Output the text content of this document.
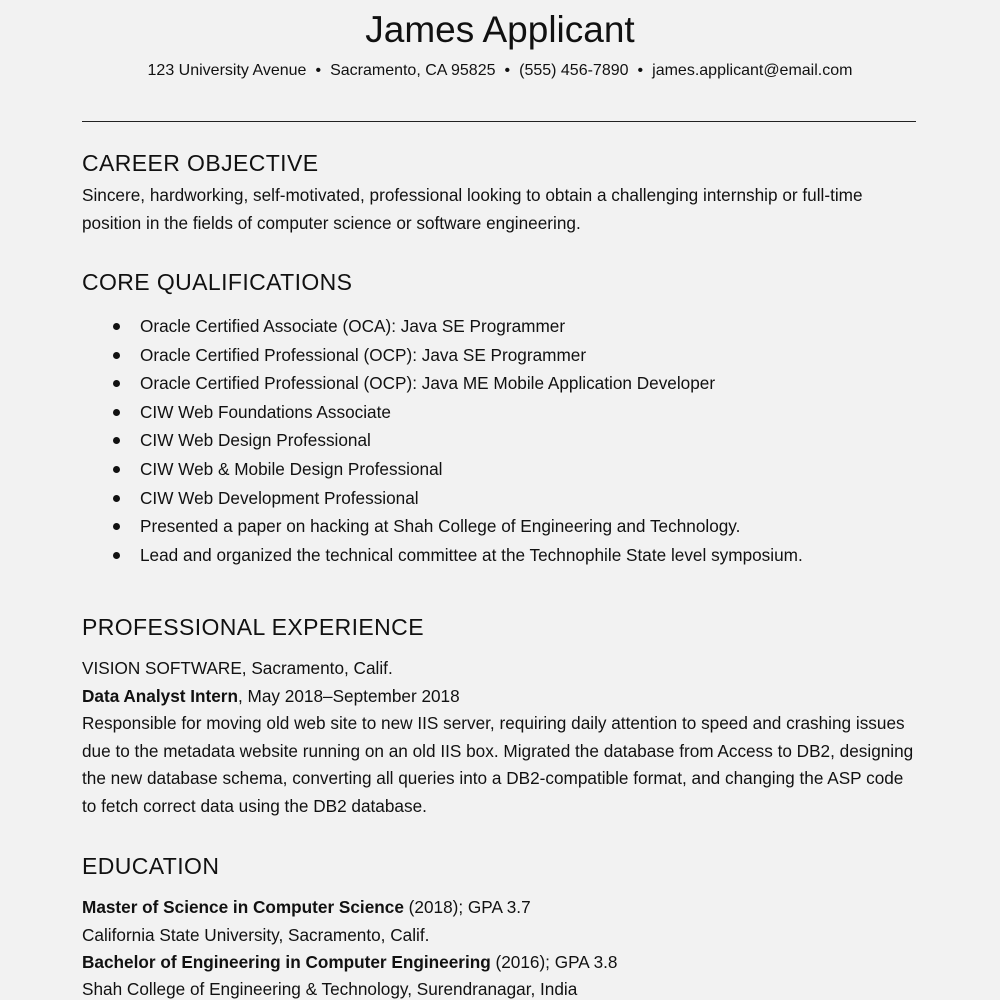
James Applicant
123 University Avenue • Sacramento, CA 95825 • (555) 456-7890 • james.applicant@email.com
CAREER OBJECTIVE
Sincere, hardworking, self-motivated, professional looking to obtain a challenging internship or full-time position in the fields of computer science or software engineering.
CORE QUALIFICATIONS
Oracle Certified Associate (OCA): Java SE Programmer
Oracle Certified Professional (OCP): Java SE Programmer
Oracle Certified Professional (OCP): Java ME Mobile Application Developer
CIW Web Foundations Associate
CIW Web Design Professional
CIW Web & Mobile Design Professional
CIW Web Development Professional
Presented a paper on hacking at Shah College of Engineering and Technology.
Lead and organized the technical committee at the Technophile State level symposium.
PROFESSIONAL EXPERIENCE
VISION SOFTWARE, Sacramento, Calif.
Data Analyst Intern, May 2018–September 2018
Responsible for moving old web site to new IIS server, requiring daily attention to speed and crashing issues due to the metadata website running on an old IIS box. Migrated the database from Access to DB2, designing the new database schema, converting all queries into a DB2-compatible format, and changing the ASP code to fetch correct data using the DB2 database.
EDUCATION
Master of Science in Computer Science (2018); GPA 3.7
California State University, Sacramento, Calif.
Bachelor of Engineering in Computer Engineering (2016); GPA 3.8
Shah College of Engineering & Technology, Surendranagar, India
